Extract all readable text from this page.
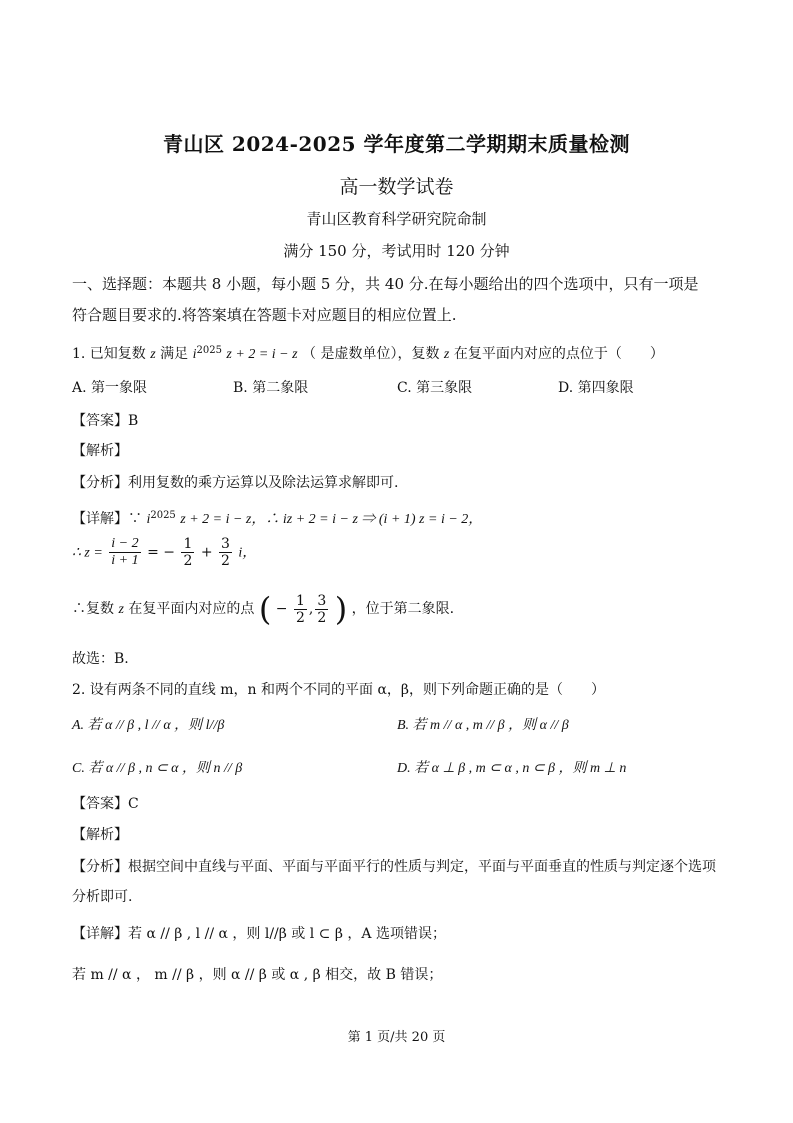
青山区 2024-2025 学年度第二学期期末质量检测
高一数学试卷
青山区教育科学研究院命制
满分 150 分，考试用时 120 分钟
一、选择题：本题共 8 小题，每小题 5 分，共 40 分.在每小题给出的四个选项中，只有一项是
符合题目要求的.将答案填在答题卡对应题目的相应位置上.
1. 已知复数 z 满足 $i^{2025}$ z + 2 = i − z （ 是虚数单位），复数 z 在复平面内对应的点位于（　　）
A. 第一象限	B. 第二象限	C. 第三象限	D. 第四象限
【答案】B
【解析】
【分析】利用复数的乘方运算以及除法运算求解即可.
【详解】∵ $i^{2025}$ z + 2 = i − z，∴ iz + 2 = i − z ⇒ (i + 1) z = i − 2，
∴ $z = \frac{i - 2}{i + 1}$ = − $\frac{1}{2} + \frac{3}{2}$ i，
∴复数 z 在复平面内对应的点 ( − $\frac{1}{2}$ , $\frac{3}{2}$ ) ，位于第二象限.
故选：B.
2. 设有两条不同的直线 m，n 和两个不同的平面 α，β，则下列命题正确的是（　　）
A. 若 α // β , l // α ，则 l//β	B. 若 m // α , m // β ，则 α // β
C. 若 α // β , n ⊂ α ，则 n // β	D. 若 α ⊥ β , m ⊂ α , n ⊂ β ，则 m ⊥ n
【答案】C
【解析】
【分析】根据空间中直线与平面、平面与平面平行的性质与判定，平面与平面垂直的性质与判定逐个选项
分析即可.
【详解】若 α // β , l // α ，则 l//β 或 l ⊂ β ，A 选项错误；
若 m // α ， m // β ，则 α // β 或 α , β 相交，故 B 错误；
第 1 页/共 20 页
